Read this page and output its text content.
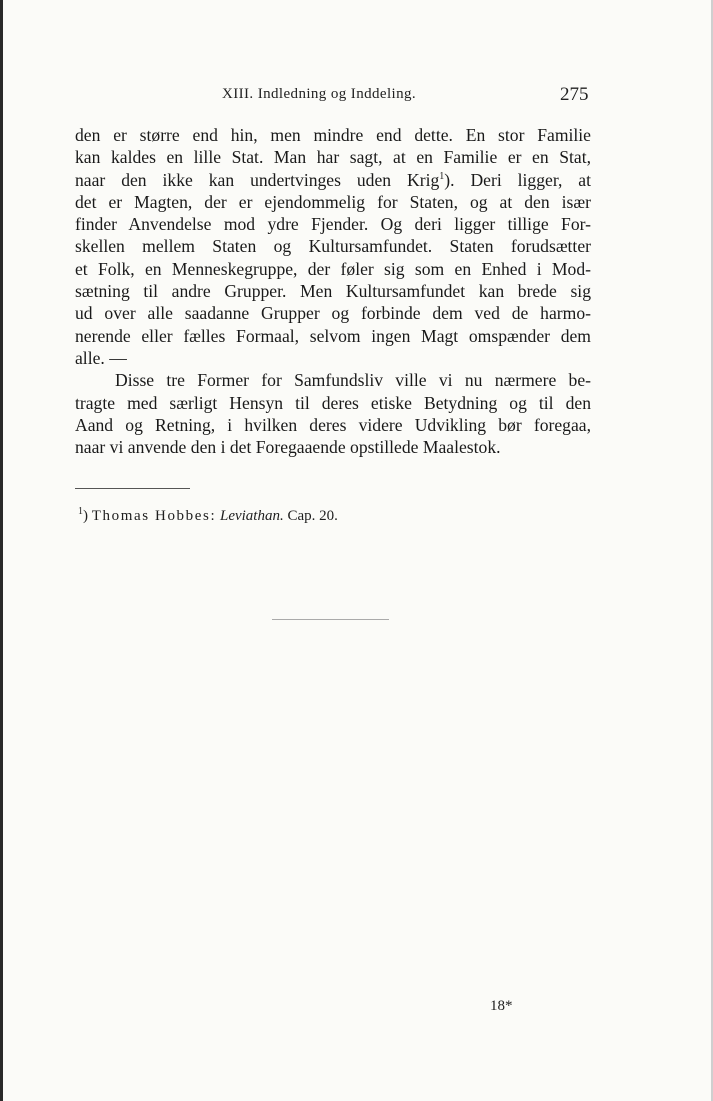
XIII. Indledning og Inddeling.	275
den er større end hin, men mindre end dette. En stor Familie
kan kaldes en lille Stat. Man har sagt, at en Familie er en Stat,
naar den ikke kan undertvinges uden Krig$^1$). Deri ligger, at
det er Magten, der er ejendommelig for Staten, og at den især
finder Anvendelse mod ydre Fjender. Og deri ligger tillige For-
skellen mellem Staten og Kultursamfundet. Staten forudsætter
et Folk, en Menneskegruppe, der føler sig som en Enhed i Mod-
sætning til andre Grupper. Men Kultursamfundet kan brede sig
ud over alle saadanne Grupper og forbinde dem ved de harmo-
nerende eller fælles Formaal, selvom ingen Magt omspænder dem
alle. —
Disse tre Former for Samfundsliv ville vi nu nærmere be-
tragte med særligt Hensyn til deres etiske Betydning og til den
Aand og Retning, i hvilken deres videre Udvikling bør foregaa,
naar vi anvende den i det Foregaaende opstillede Maalestok.
$^1$) Thomas Hobbes: Leviathan. Cap. 20.
18*
